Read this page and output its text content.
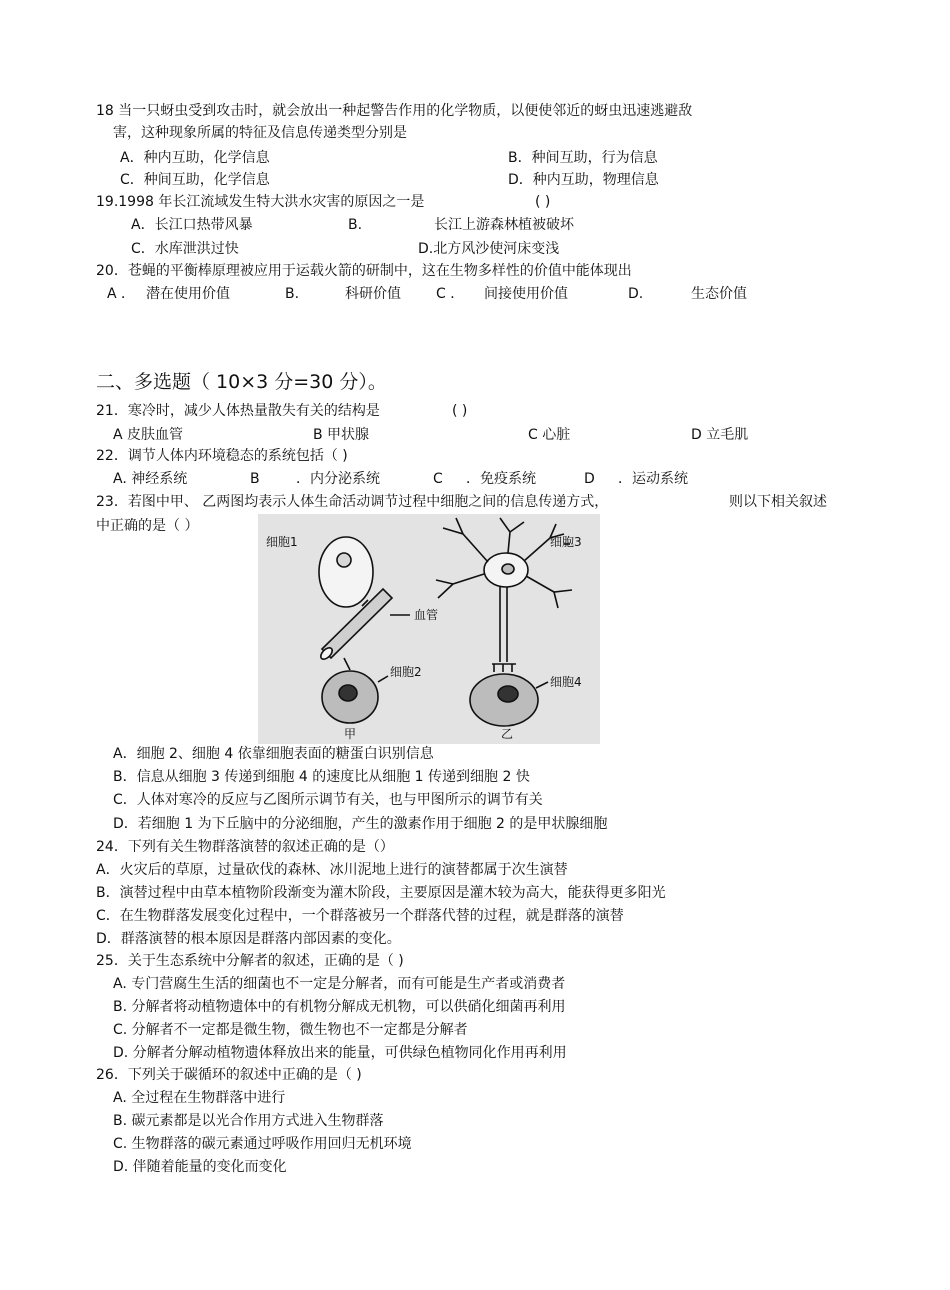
18 当一只蚜虫受到攻击时，就会放出一种起警告作用的化学物质，以便使邻近的蚜虫迅速逃避敌
害，这种现象所属的特征及信息传递类型分别是
A．种内互助，化学信息	B．种间互助，行为信息
C．种间互助，化学信息	D．种内互助，物理信息
19.1998 年长江流域发生特大洪水灾害的原因之一是	( )
A．长江口热带风暴	B.	长江上游森林植被破坏
C．水库泄洪过快	D.北方风沙使河床变浅
20．苍蝇的平衡棒原理被应用于运载火箭的研制中，这在生物多样性的价值中能体现出
A ． 潜在使用价值	B.	科研价值	C ． 间接使用价值	D.	生态价值
二、多选题（ 10×3 分=30 分）。
21．寒冷时，减少人体热量散失有关的结构是	( )
A 皮肤血管	B 甲状腺	C 心脏	D 立毛肌
22．调节人体内环境稳态的系统包括（ )
A. 神经系统	B	．内分泌系统	C ．免疫系统	D ．运动系统
23．若图中甲、 乙两图均表示人体生命活动调节过程中细胞之间的信息传递方式，	则以下相关叙述
中正确的是（ ）
细胞1
血管
细胞2
细胞3
细胞4
甲	乙
A．细胞 2、细胞 4 依靠细胞表面的糖蛋白识别信息
B．信息从细胞 3 传递到细胞 4 的速度比从细胞 1 传递到细胞 2 快
C．人体对寒冷的反应与乙图所示调节有关，也与甲图所示的调节有关
D．若细胞 1 为下丘脑中的分泌细胞，产生的激素作用于细胞 2 的是甲状腺细胞
24．下列有关生物群落演替的叙述正确的是（）
A．火灾后的草原，过量砍伐的森林、冰川泥地上进行的演替都属于次生演替
B．演替过程中由草本植物阶段渐变为灌木阶段，主要原因是灌木较为高大，能获得更多阳光
C．在生物群落发展变化过程中，一个群落被另一个群落代替的过程，就是群落的演替
D．群落演替的根本原因是群落内部因素的变化。
25．关于生态系统中分解者的叙述，正确的是（ )
A. 专门营腐生生活的细菌也不一定是分解者，而有可能是生产者或消费者
B. 分解者将动植物遗体中的有机物分解成无机物，可以供硝化细菌再利用
C. 分解者不一定都是微生物，微生物也不一定都是分解者
D. 分解者分解动植物遗体释放出来的能量，可供绿色植物同化作用再利用
26．下列关于碳循环的叙述中正确的是（ )
A. 全过程在生物群落中进行
B. 碳元素都是以光合作用方式进入生物群落
C. 生物群落的碳元素通过呼吸作用回归无机环境
D. 伴随着能量的变化而变化
